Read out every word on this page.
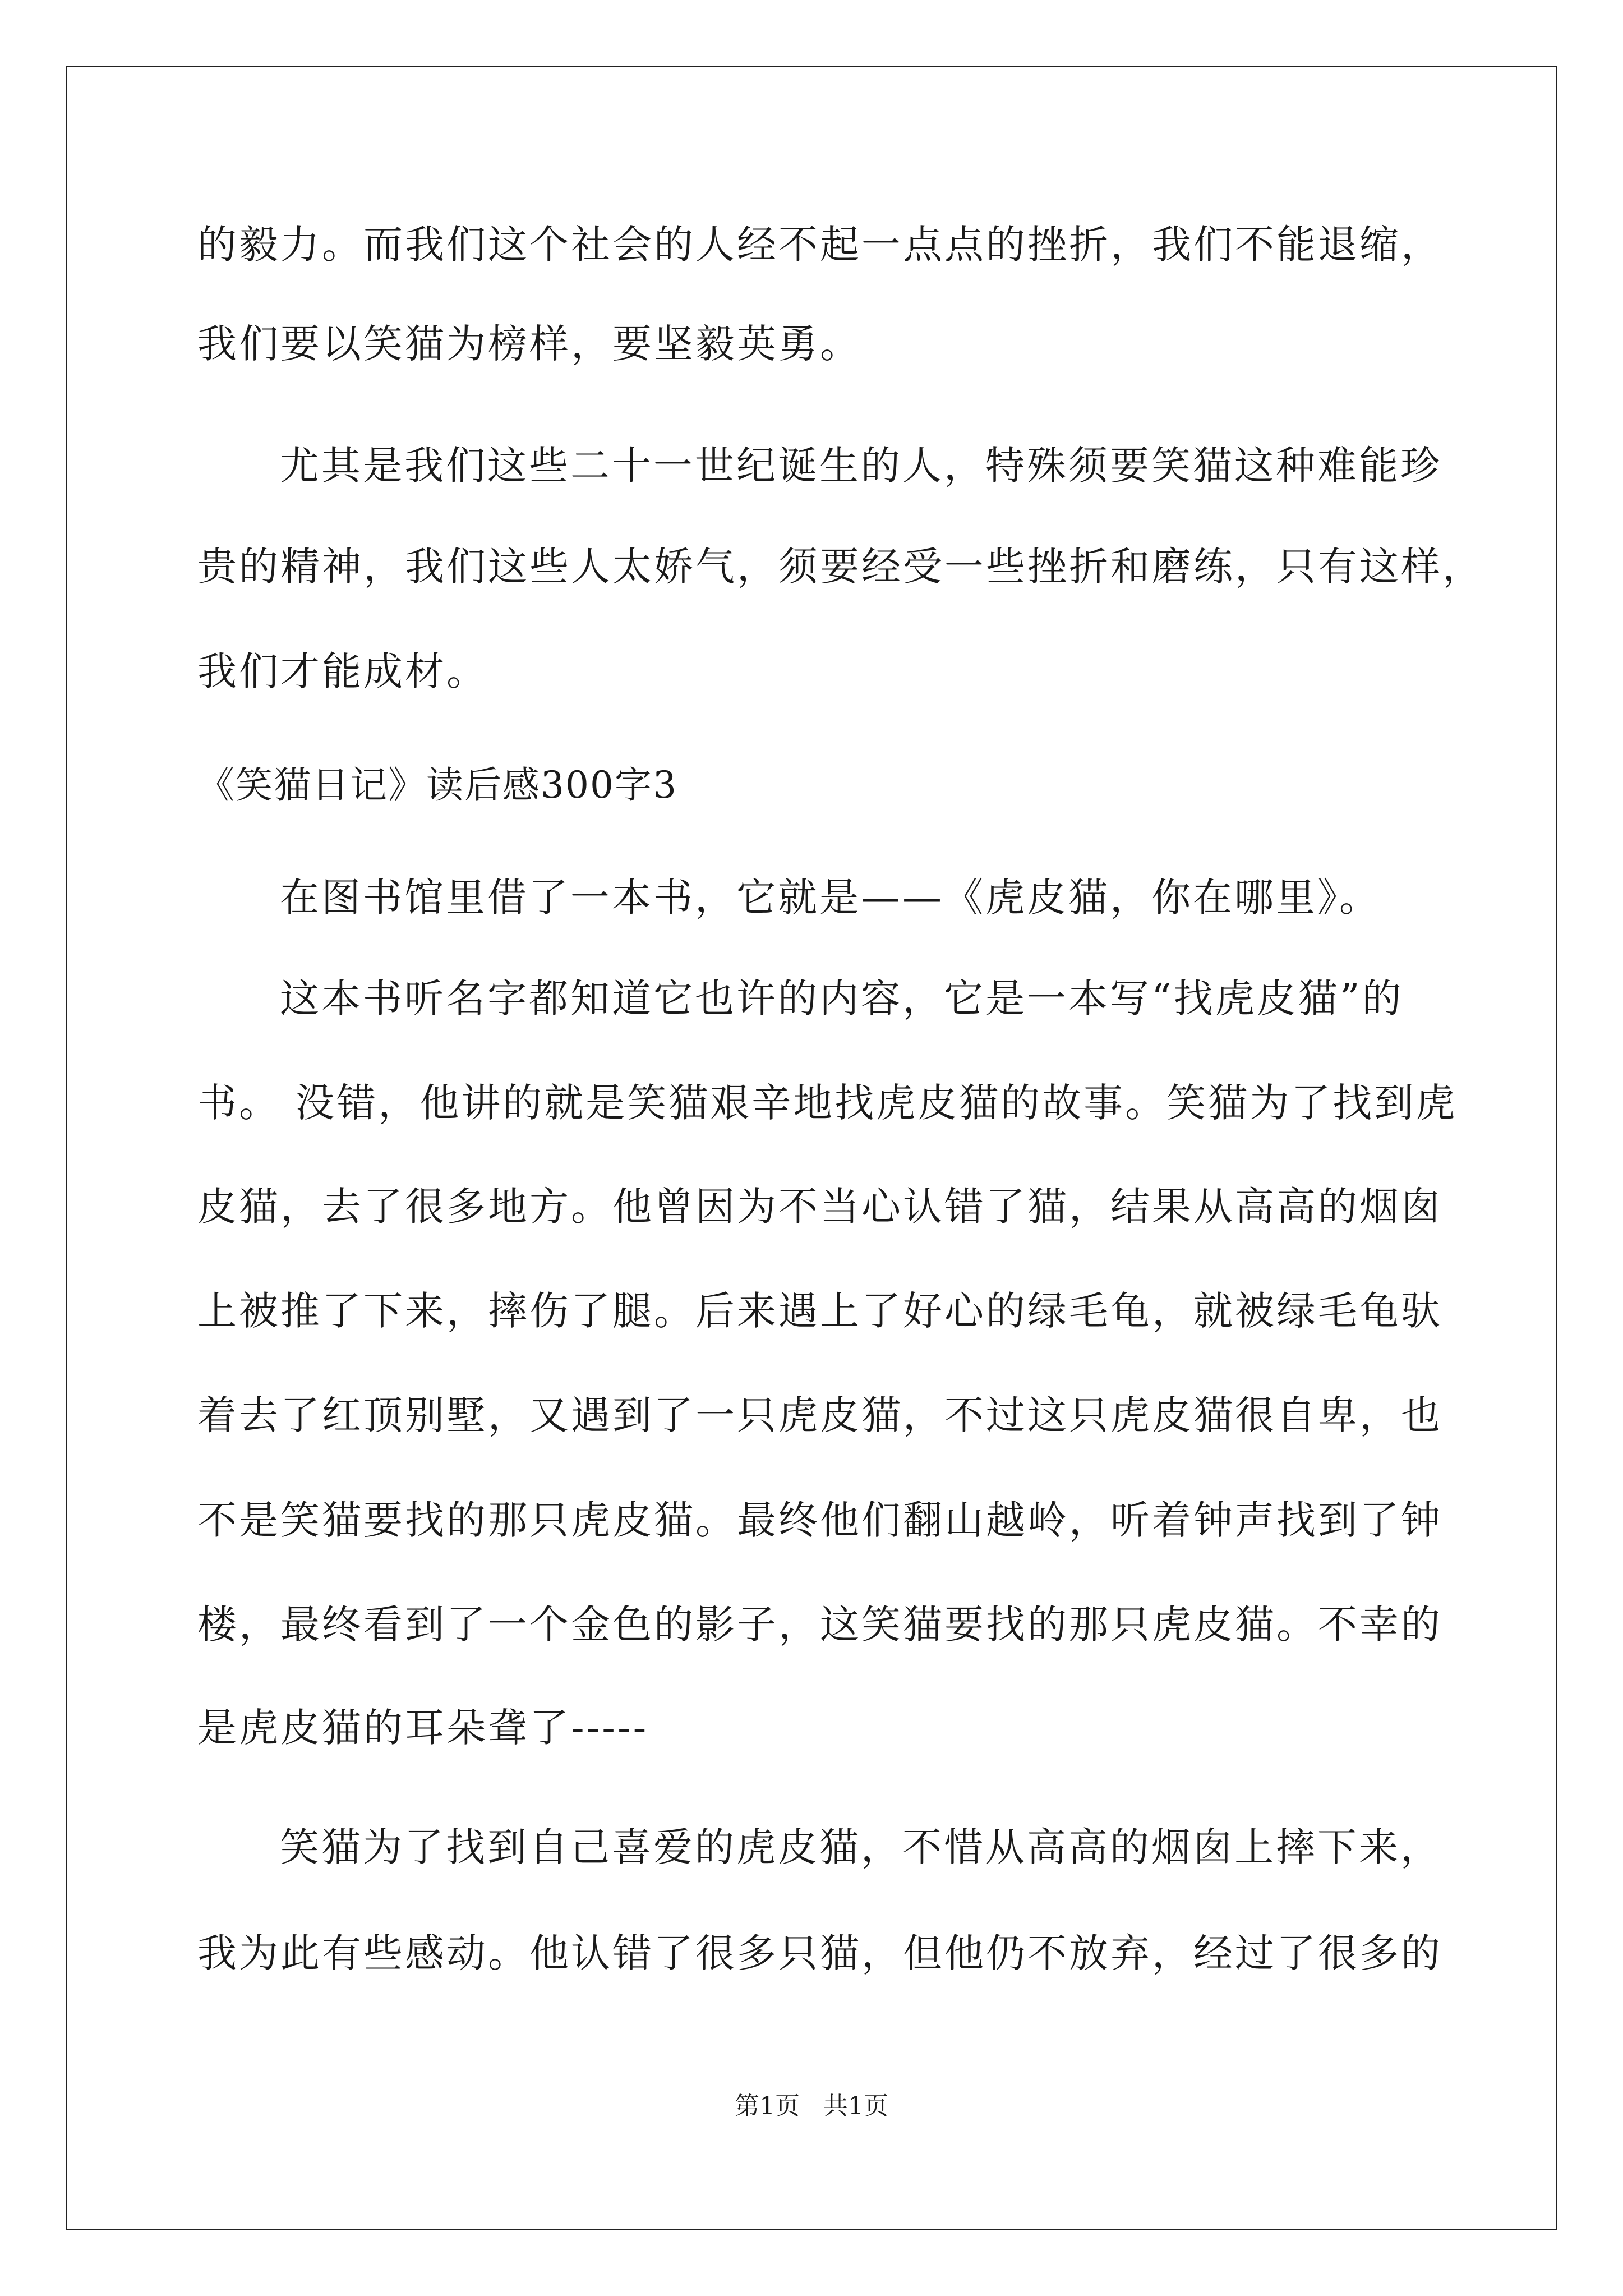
的毅力。而我们这个社会的人经不起一点点的挫折，我们不能退缩，
我们要以笑猫为榜样，要坚毅英勇。
尤其是我们这些二十一世纪诞生的人，特殊须要笑猫这种难能珍
贵的精神，我们这些人太娇气，须要经受一些挫折和磨练，只有这样，
我们才能成材。
《笑猫日记》读后感300字3
在图书馆里借了一本书，它就是——《虎皮猫，你在哪里》。
这本书听名字都知道它也许的内容，它是一本写“找虎皮猫”的
书。 没错，他讲的就是笑猫艰辛地找虎皮猫的故事。笑猫为了找到虎
皮猫，去了很多地方。他曾因为不当心认错了猫，结果从高高的烟囱
上被推了下来，摔伤了腿。后来遇上了好心的绿毛龟，就被绿毛龟驮
着去了红顶别墅，又遇到了一只虎皮猫，不过这只虎皮猫很自卑，也
不是笑猫要找的那只虎皮猫。最终他们翻山越岭，听着钟声找到了钟
楼，最终看到了一个金色的影子，这笑猫要找的那只虎皮猫。不幸的
是虎皮猫的耳朵聋了-----
笑猫为了找到自己喜爱的虎皮猫，不惜从高高的烟囱上摔下来，
我为此有些感动。他认错了很多只猫，但他仍不放弃，经过了很多的
第1页   共1页
